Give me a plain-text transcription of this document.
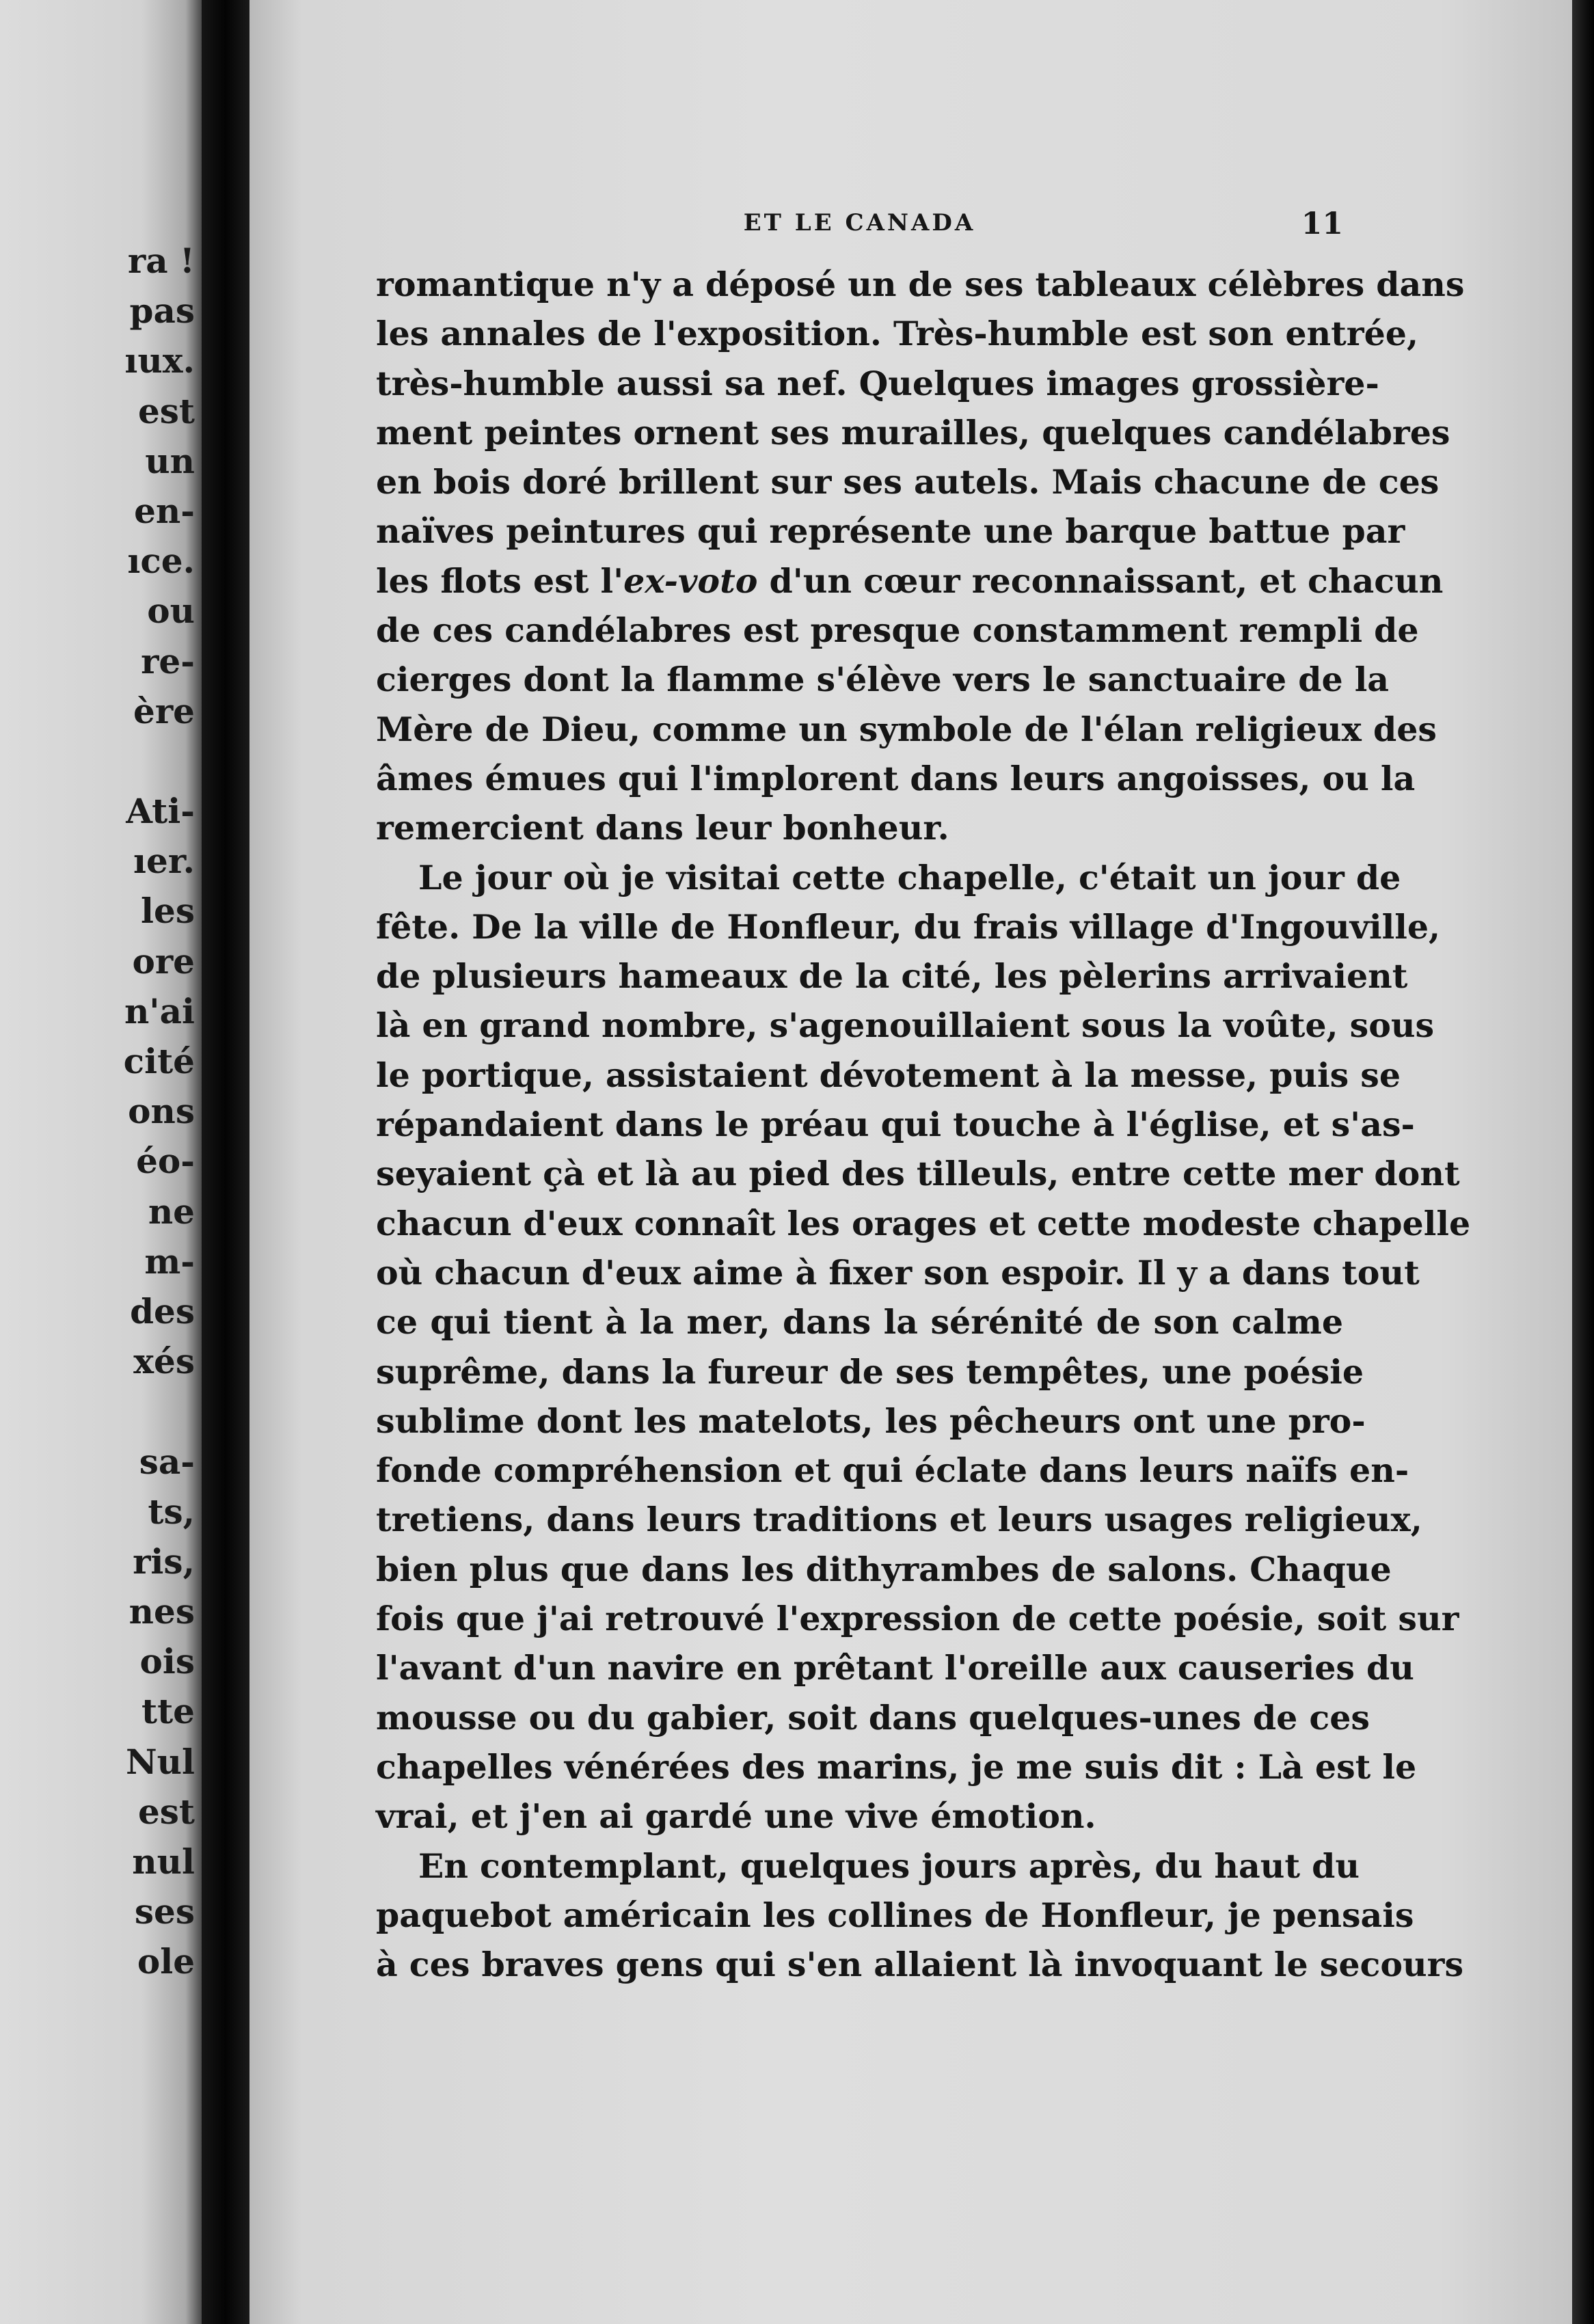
ra !
pas
ıux.
est
un
en-
ıce.
ou
re-
ère
Ati-
ıer.
les
ore
n'ai
cité
ons
éo-
ne
m-
des
xés
sa-
ts,
ris,
nes
ois
tte
Nul
est
nul
ses
ole
ET LE CANADA	11
romantique n'y a déposé un de ses tableaux célèbres dans
les annales de l'exposition. Très-humble est son entrée,
très-humble aussi sa nef. Quelques images grossière-
ment peintes ornent ses murailles, quelques candélabres
en bois doré brillent sur ses autels. Mais chacune de ces
naïves peintures qui représente une barque battue par
les flots est l'ex-voto d'un cœur reconnaissant, et chacun
de ces candélabres est presque constamment rempli de
cierges dont la flamme s'élève vers le sanctuaire de la
Mère de Dieu, comme un symbole de l'élan religieux des
âmes émues qui l'implorent dans leurs angoisses, ou la
remercient dans leur bonheur.
Le jour où je visitai cette chapelle, c'était un jour de
fête. De la ville de Honfleur, du frais village d'Ingouville,
de plusieurs hameaux de la cité, les pèlerins arrivaient
là en grand nombre, s'agenouillaient sous la voûte, sous
le portique, assistaient dévotement à la messe, puis se
répandaient dans le préau qui touche à l'église, et s'as-
seyaient çà et là au pied des tilleuls, entre cette mer dont
chacun d'eux connaît les orages et cette modeste chapelle
où chacun d'eux aime à fixer son espoir. Il y a dans tout
ce qui tient à la mer, dans la sérénité de son calme
suprême, dans la fureur de ses tempêtes, une poésie
sublime dont les matelots, les pêcheurs ont une pro-
fonde compréhension et qui éclate dans leurs naïfs en-
tretiens, dans leurs traditions et leurs usages religieux,
bien plus que dans les dithyrambes de salons. Chaque
fois que j'ai retrouvé l'expression de cette poésie, soit sur
l'avant d'un navire en prêtant l'oreille aux causeries du
mousse ou du gabier, soit dans quelques-unes de ces
chapelles vénérées des marins, je me suis dit : Là est le
vrai, et j'en ai gardé une vive émotion.
En contemplant, quelques jours après, du haut du
paquebot américain les collines de Honfleur, je pensais
à ces braves gens qui s'en allaient là invoquant le secours
